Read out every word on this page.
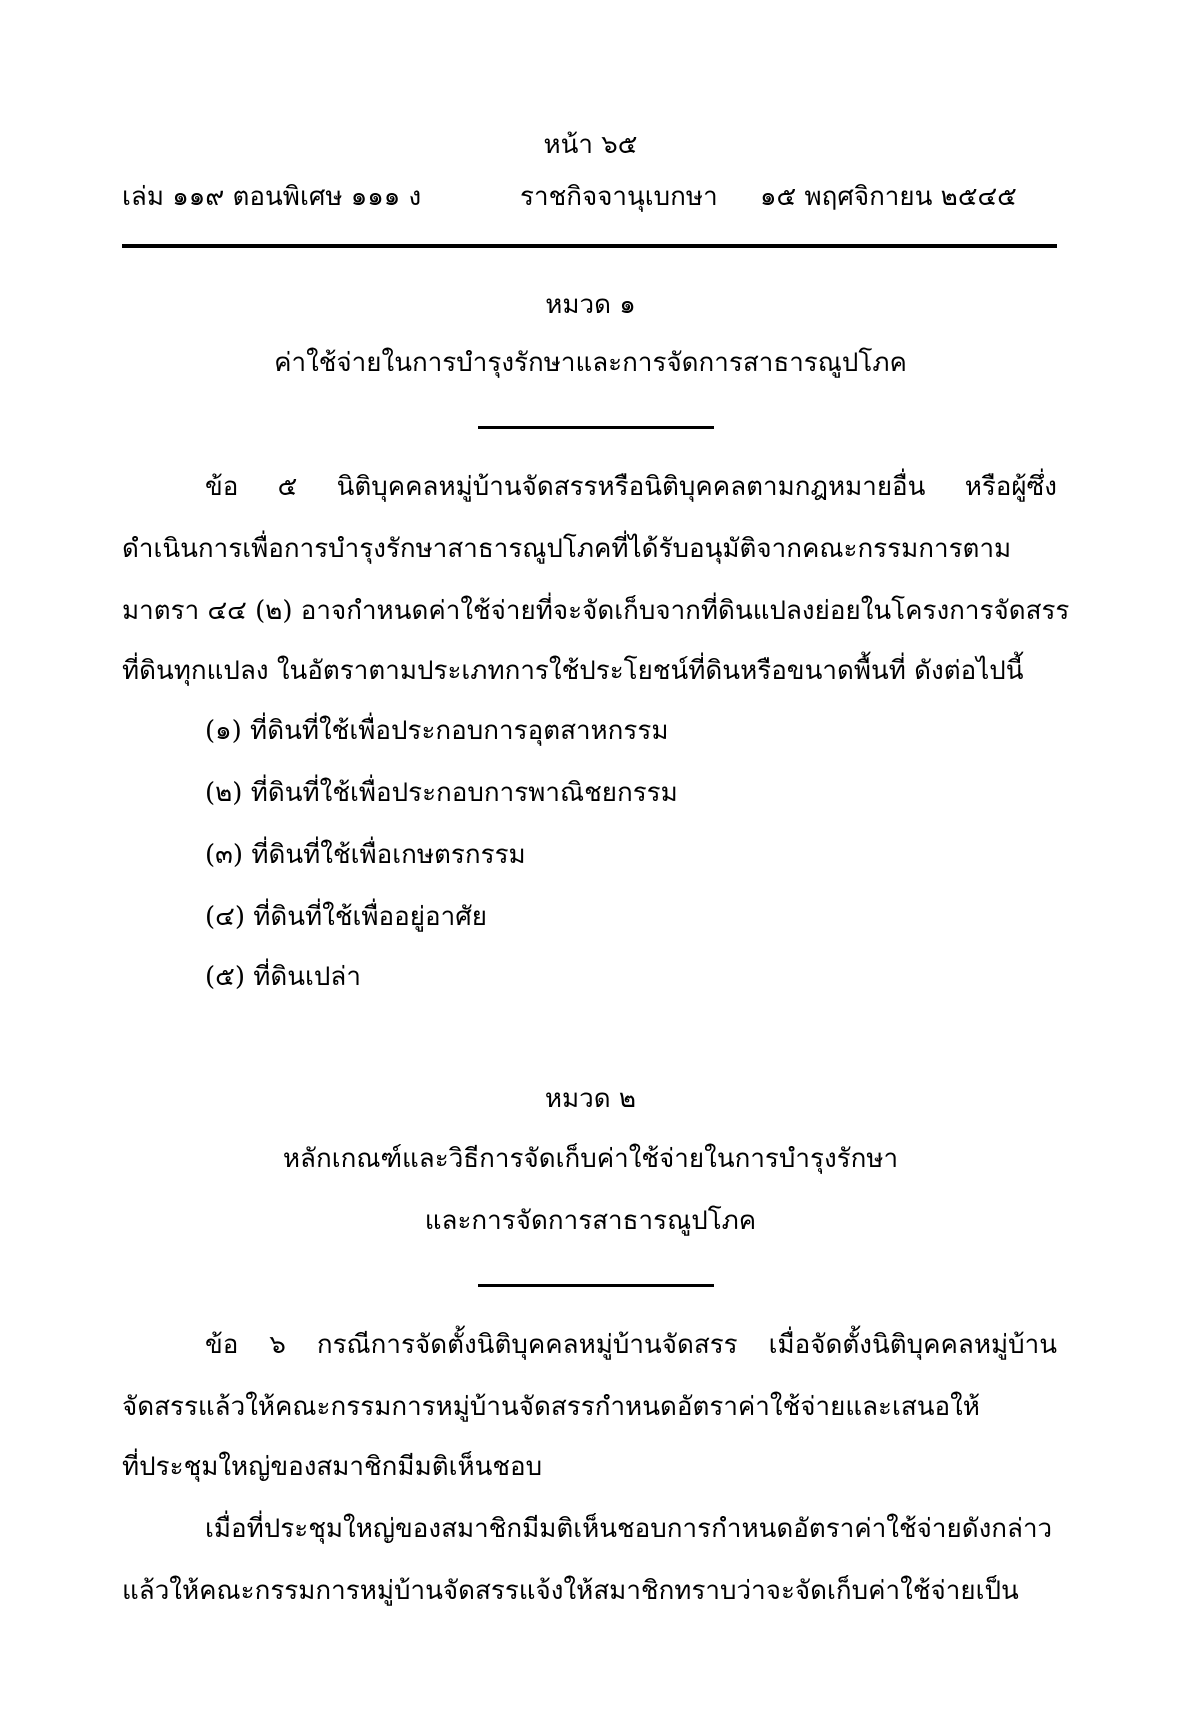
หน้า ๖๕
เล่ม ๑๑๙ ตอนพิเศษ ๑๑๑ ง	ราชกิจจานุเบกษา ๑๕ พฤศจิกายน ๒๕๔๕
หมวด ๑
ค่าใช้จ่ายในการบำรุงรักษาและการจัดการสาธารณูปโภค
ข้อ ๕ นิติบุคคลหมู่บ้านจัดสรรหรือนิติบุคคลตามกฎหมายอื่น หรือผู้ซึ่ง
ดำเนินการเพื่อการบำรุงรักษาสาธารณูปโภคที่ได้รับอนุมัติจากคณะกรรมการตาม
มาตรา ๔๔ (๒) อาจกำหนดค่าใช้จ่ายที่จะจัดเก็บจากที่ดินแปลงย่อยในโครงการจัดสรร
ที่ดินทุกแปลง ในอัตราตามประเภทการใช้ประโยชน์ที่ดินหรือขนาดพื้นที่ ดังต่อไปนี้
(๑) ที่ดินที่ใช้เพื่อประกอบการอุตสาหกรรม
(๒) ที่ดินที่ใช้เพื่อประกอบการพาณิชยกรรม
(๓) ที่ดินที่ใช้เพื่อเกษตรกรรม
(๔) ที่ดินที่ใช้เพื่ออยู่อาศัย
(๕) ที่ดินเปล่า
หมวด ๒
หลักเกณฑ์และวิธีการจัดเก็บค่าใช้จ่ายในการบำรุงรักษา
และการจัดการสาธารณูปโภค
ข้อ ๖ กรณีการจัดตั้งนิติบุคคลหมู่บ้านจัดสรร เมื่อจัดตั้งนิติบุคคลหมู่บ้าน
จัดสรรแล้วให้คณะกรรมการหมู่บ้านจัดสรรกำหนดอัตราค่าใช้จ่ายและเสนอให้
ที่ประชุมใหญ่ของสมาชิกมีมติเห็นชอบ
เมื่อที่ประชุมใหญ่ของสมาชิกมีมติเห็นชอบการกำหนดอัตราค่าใช้จ่ายดังกล่าว
แล้วให้คณะกรรมการหมู่บ้านจัดสรรแจ้งให้สมาชิกทราบว่าจะจัดเก็บค่าใช้จ่ายเป็น
